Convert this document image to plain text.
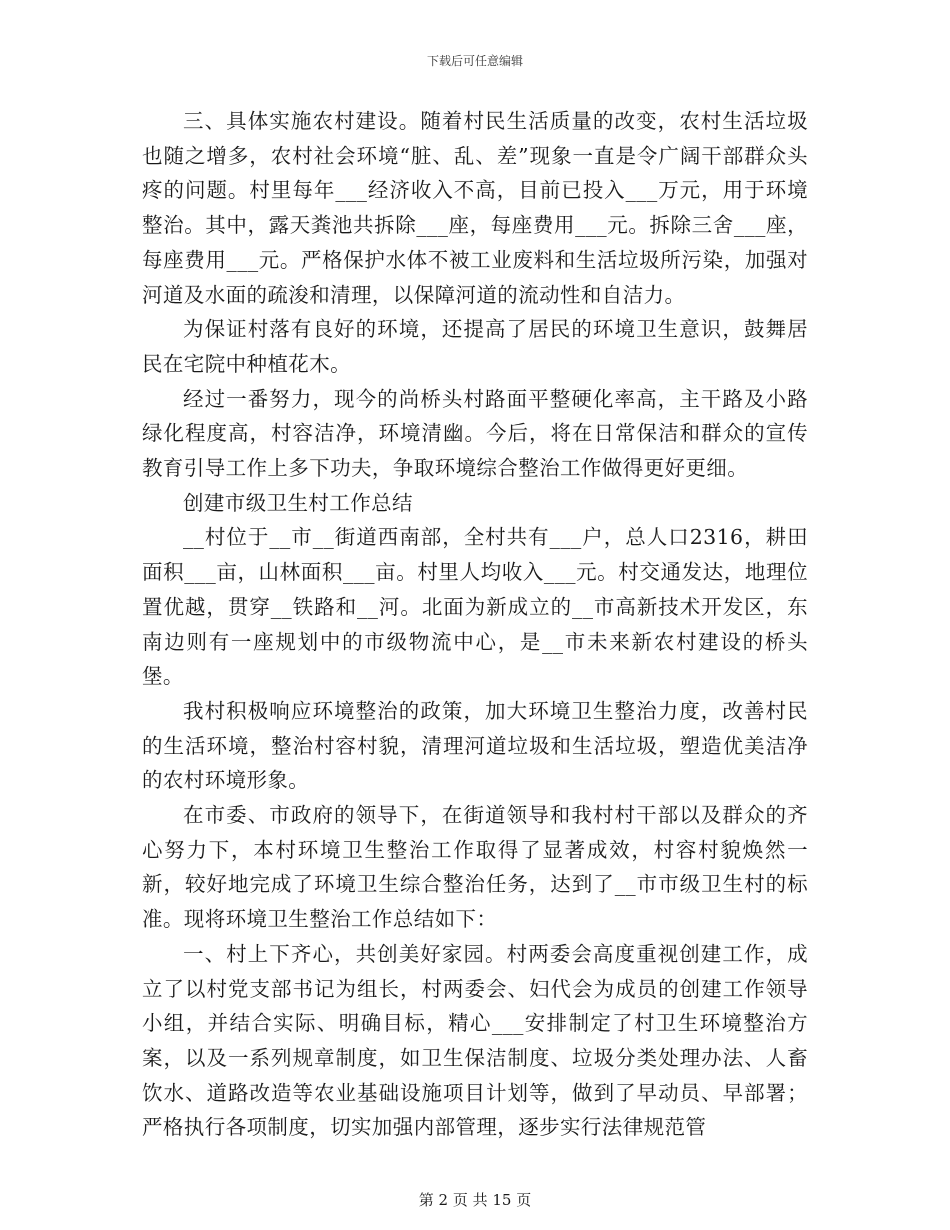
下载后可任意编辑

三、具体实施农村建设。随着村民生活质量的改变，农村生活垃圾也随之增多，农村社会环境“脏、乱、差”现象一直是令广阔干部群众头疼的问题。村里每年___经济收入不高，目前已投入___万元，用于环境整治。其中，露天粪池共拆除___座，每座费用___元。拆除三舍___座，每座费用___元。严格保护水体不被工业废料和生活垃圾所污染，加强对河道及水面的疏浚和清理，以保障河道的流动性和自洁力。

为保证村落有良好的环境，还提高了居民的环境卫生意识，鼓舞居民在宅院中种植花木。

经过一番努力，现今的尚桥头村路面平整硬化率高，主干路及小路绿化程度高，村容洁净，环境清幽。今后，将在日常保洁和群众的宣传教育引导工作上多下功夫，争取环境综合整治工作做得更好更细。

创建市级卫生村工作总结

__村位于__市__街道西南部，全村共有___户，总人口2316，耕田面积___亩，山林面积___亩。村里人均收入___元。村交通发达，地理位置优越，贯穿__铁路和__河。北面为新成立的__市高新技术开发区，东南边则有一座规划中的市级物流中心，是__市未来新农村建设的桥头堡。

我村积极响应环境整治的政策，加大环境卫生整治力度，改善村民的生活环境，整治村容村貌，清理河道垃圾和生活垃圾，塑造优美洁净的农村环境形象。

在市委、市政府的领导下，在街道领导和我村村干部以及群众的齐心努力下，本村环境卫生整治工作取得了显著成效，村容村貌焕然一新，较好地完成了环境卫生综合整治任务，达到了__市市级卫生村的标准。现将环境卫生整治工作总结如下：

一、村上下齐心，共创美好家园。村两委会高度重视创建工作，成立了以村党支部书记为组长，村两委会、妇代会为成员的创建工作领导小组，并结合实际、明确目标，精心___安排制定了村卫生环境整治方案，以及一系列规章制度，如卫生保洁制度、垃圾分类处理办法、人畜饮水、道路改造等农业基础设施项目计划等，做到了早动员、早部署；严格执行各项制度，切实加强内部管理，逐步实行法律规范管

第 2 页 共 15 页
